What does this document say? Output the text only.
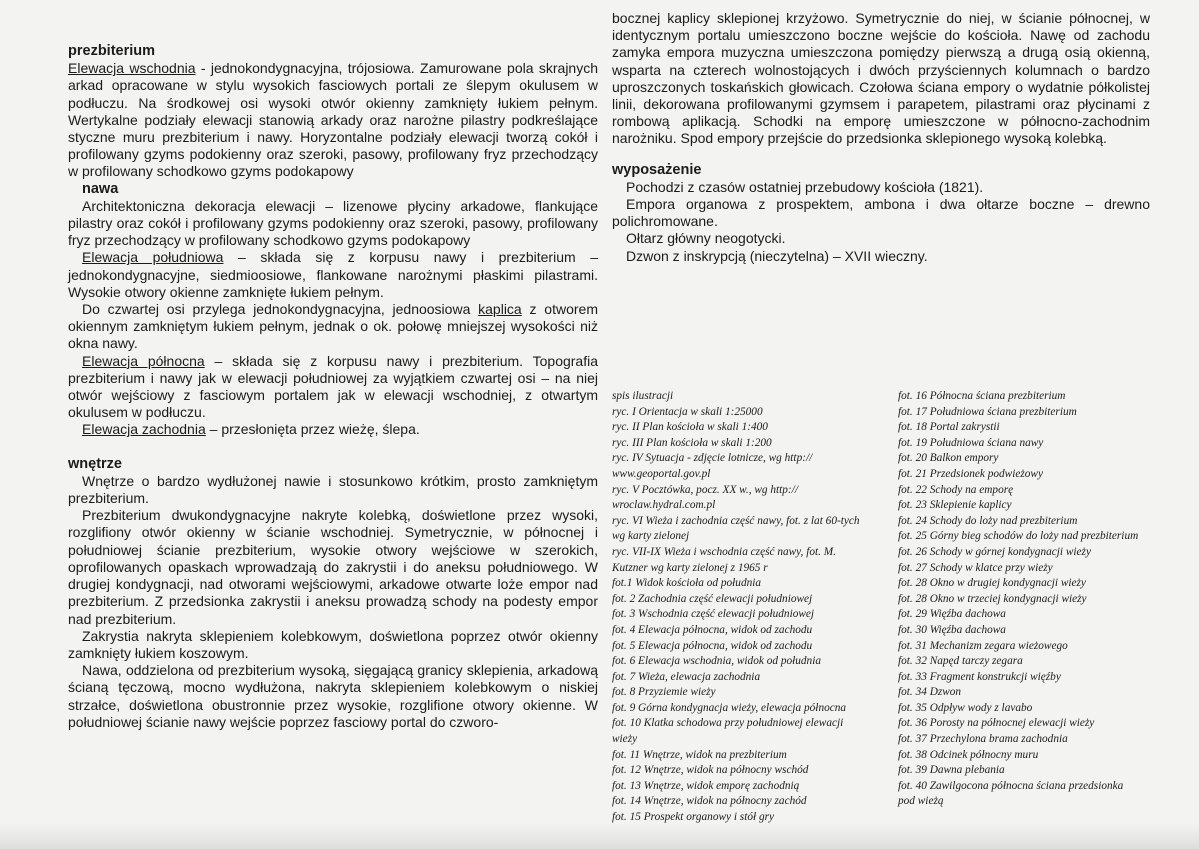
prezbiterium

Elewacja wschodnia - jednokondygnacyjna, trójosiowa. Zamurowane pola skrajnych arkad opracowane w stylu wysokich fasciowych portali ze ślepym okulusem w podłuczu. Na środkowej osi wysoki otwór okienny zamknięty łukiem pełnym. Wertykalne podziały elewacji stanowią arkady oraz narożne pilastry podkreślające styczne muru prezbiterium i nawy. Horyzontalne podziały elewacji tworzą cokół i profilowany gzyms podokienny oraz szeroki, pasowy, profilowany fryz przechodzący w profilowany schodkowo gzyms podokapowy

nawa

Architektoniczna dekoracja elewacji – lizenowe płyciny arkadowe, flankujące pilastry oraz cokół i profilowany gzyms podokienny oraz szeroki, pasowy, profilowany fryz przechodzący w profilowany schodkowo gzyms podokapowy

Elewacja południowa – składa się z korpusu nawy i prezbiterium – jednokondygnacyjne, siedmioosiowe, flankowane narożnymi płaskimi pilastrami. Wysokie otwory okienne zamknięte łukiem pełnym.

Do czwartej osi przylega jednokondygnacyjna, jednoosiowa kaplica z otworem okiennym zamkniętym łukiem pełnym, jednak o ok. połowę mniejszej wysokości niż okna nawy.

Elewacja północna – składa się z korpusu nawy i prezbiterium. Topografia prezbiterium i nawy jak w elewacji południowej za wyjątkiem czwartej osi – na niej otwór wejściowy z fasciowym portalem jak w elewacji wschodniej, z otwartym okulusem w podłuczu.

Elewacja zachodnia – przesłonięta przez wieżę, ślepa.

wnętrze

Wnętrze o bardzo wydłużonej nawie i stosunkowo krótkim, prosto zamkniętym prezbiterium.

Prezbiterium dwukondygnacyjne nakryte kolebką, doświetlone przez wysoki, rozglifiony otwór okienny w ścianie wschodniej. Symetrycznie, w północnej i południowej ścianie prezbiterium, wysokie otwory wejściowe w szerokich, oprofilowanych opaskach wprowadzają do zakrystii i do aneksu południowego. W drugiej kondygnacji, nad otworami wejściowymi, arkadowe otwarte loże empor nad prezbiterium. Z przedsionka zakrystii i aneksu prowadzą schody na podesty empor nad prezbiterium.

Zakrystia nakryta sklepieniem kolebkowym, doświetlona poprzez otwór okienny zamknięty łukiem koszowym.

Nawa, oddzielona od prezbiterium wysoką, sięgającą granicy sklepienia, arkadową ścianą tęczową, mocno wydłużona, nakryta sklepieniem kolebkowym o niskiej strzałce, doświetlona obustronnie przez wysokie, rozglifione otwory okienne. W południowej ścianie nawy wejście poprzez fasciowy portal do czworo-

bocznej kaplicy sklepionej krzyżowo. Symetrycznie do niej, w ścianie północnej, w identycznym portalu umieszczono boczne wejście do kościoła. Nawę od zachodu zamyka empora muzyczna umieszczona pomiędzy pierwszą a drugą osią okienną, wsparta na czterech wolnostojących i dwóch przyściennych kolumnach o bardzo uproszczonych toskańskich głowicach. Czołowa ściana empory o wydatnie półkolistej linii, dekorowana profilowanymi gzymsem i parapetem, pilastrami oraz płycinami z rombową aplikacją. Schodki na emporę umieszczone w północno-zachodnim narożniku. Spod empory przejście do przedsionka sklepionego wysoką kolebką.

wyposażenie

Pochodzi z czasów ostatniej przebudowy kościoła (1821).

Empora organowa z prospektem, ambona i dwa ołtarze boczne – drewno polichromowane.

Ołtarz główny neogotycki.

Dzwon z inskrypcją (nieczytelna) – XVII wieczny.

spis ilustracji
ryc. I Orientacja w skali 1:25000
ryc. II Plan kościoła w skali 1:400
ryc. III Plan kościoła w skali 1:200
ryc. IV Sytuacja - zdjęcie lotnicze, wg http://
www.geoportal.gov.pl
ryc. V Pocztówka, pocz. XX w., wg http://
wroclaw.hydral.com.pl
ryc. VI Wieża i zachodnia część nawy, fot. z lat 60-tych
wg karty zielonej
ryc. VII-IX Wieża i wschodnia część nawy, fot. M.
Kutzner wg karty zielonej z 1965 r
fot.1 Widok kościoła od południa
fot. 2 Zachodnia część elewacji południowej
fot. 3 Wschodnia część elewacji południowej
fot. 4 Elewacja północna, widok od zachodu
fot. 5 Elewacja północna, widok od zachodu
fot. 6 Elewacja wschodnia, widok od południa
fot. 7 Wieża, elewacja zachodnia
fot. 8 Przyziemie wieży
fot. 9 Górna kondygnacja wieży, elewacja północna
fot. 10 Klatka schodowa przy południowej elewacji
wieży
fot. 11 Wnętrze, widok na prezbiterium
fot. 12 Wnętrze, widok na północny wschód
fot. 13 Wnętrze, widok emporę zachodnią
fot. 14 Wnętrze, widok na północny zachód
fot. 15 Prospekt organowy i stół gry
fot. 16 Północna ściana prezbiterium
fot. 17 Południowa ściana prezbiterium
fot. 18 Portal zakrystii
fot. 19 Południowa ściana nawy
fot. 20 Balkon empory
fot. 21 Przedsionek podwieżowy
fot. 22 Schody na emporę
fot. 23 Sklepienie kaplicy
fot. 24 Schody do loży nad prezbiterium
fot. 25 Górny bieg schodów do loży nad prezbiterium
fot. 26 Schody w górnej kondygnacji wieży
fot. 27 Schody w klatce przy wieży
fot. 28 Okno w drugiej kondygnacji wieży
fot. 28 Okno w trzeciej kondygnacji wieży
fot. 29 Więźba dachowa
fot. 30 Więźba dachowa
fot. 31 Mechanizm zegara wieżowego
fot. 32 Napęd tarczy zegara
fot. 33 Fragment konstrukcji więźby
fot. 34 Dzwon
fot. 35 Odpływ wody z lavabo
fot. 36 Porosty na północnej elewacji wieży
fot. 37 Przechylona brama zachodnia
fot. 38 Odcinek północny muru
fot. 39 Dawna plebania
fot. 40 Zawilgocona północna ściana przedsionka
pod wieżą
